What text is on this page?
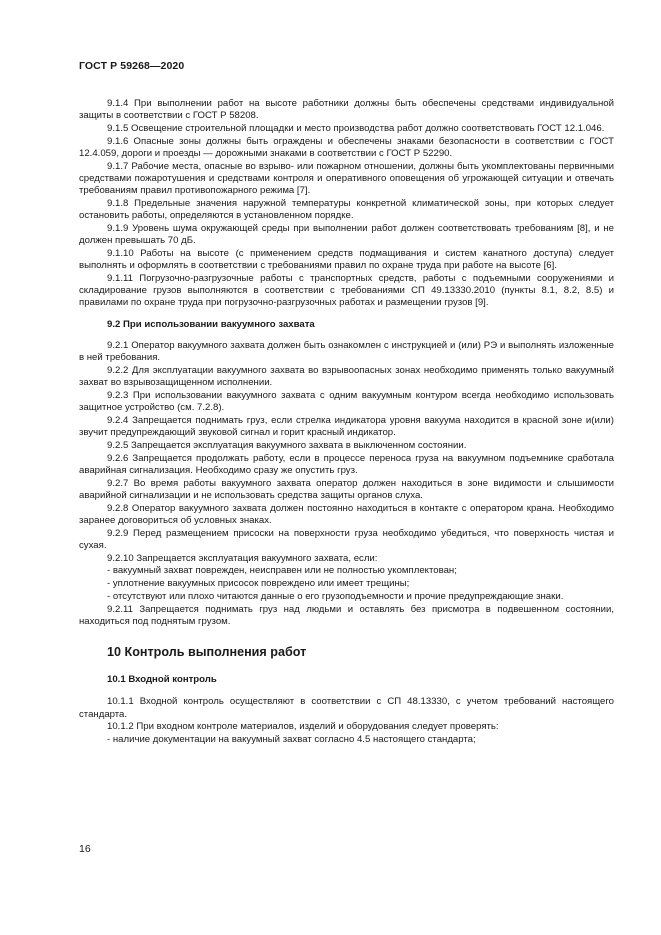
ГОСТ Р 59268—2020

9.1.4 При выполнении работ на высоте работники должны быть обеспечены средствами индивидуальной защиты в соответствии с ГОСТ Р 58208.

9.1.5 Освещение строительной площадки и место производства работ должно соответствовать ГОСТ 12.1.046.

9.1.6 Опасные зоны должны быть ограждены и обеспечены знаками безопасности в соответствии с ГОСТ 12.4.059, дороги и проезды — дорожными знаками в соответствии с ГОСТ Р 52290.

9.1.7 Рабочие места, опасные во взрыво- или пожарном отношении, должны быть укомплектованы первичными средствами пожаротушения и средствами контроля и оперативного оповещения об угрожающей ситуации и отвечать требованиям правил противопожарного режима [7].

9.1.8 Предельные значения наружной температуры конкретной климатической зоны, при которых следует остановить работы, определяются в установленном порядке.

9.1.9 Уровень шума окружающей среды при выполнении работ должен соответствовать требованиям [8], и не должен превышать 70 дБ.

9.1.10 Работы на высоте (с применением средств подмащивания и систем канатного доступа) следует выполнять и оформлять в соответствии с требованиями правил по охране труда при работе на высоте [6].

9.1.11 Погрузочно-разгрузочные работы с транспортных средств, работы с подъемными сооружениями и складирование грузов выполняются в соответствии с требованиями СП 49.13330.2010 (пункты 8.1, 8.2, 8.5) и правилами по охране труда при погрузочно-разгрузочных работах и размещении грузов [9].

9.2 При использовании вакуумного захвата

9.2.1 Оператор вакуумного захвата должен быть ознакомлен с инструкцией и (или) РЭ и выполнять изложенные в ней требования.

9.2.2 Для эксплуатации вакуумного захвата во взрывоопасных зонах необходимо применять только вакуумный захват во взрывозащищенном исполнении.

9.2.3 При использовании вакуумного захвата с одним вакуумным контуром всегда необходимо использовать защитное устройство (см. 7.2.8).

9.2.4 Запрещается поднимать груз, если стрелка индикатора уровня вакуума находится в красной зоне и(или) звучит предупреждающий звуковой сигнал и горит красный индикатор.

9.2.5 Запрещается эксплуатация вакуумного захвата в выключенном состоянии.

9.2.6 Запрещается продолжать работу, если в процессе переноса груза на вакуумном подъемнике сработала аварийная сигнализация. Необходимо сразу же опустить груз.

9.2.7 Во время работы вакуумного захвата оператор должен находиться в зоне видимости и слышимости аварийной сигнализации и не использовать средства защиты органов слуха.

9.2.8 Оператор вакуумного захвата должен постоянно находиться в контакте с оператором крана. Необходимо заранее договориться об условных знаках.

9.2.9 Перед размещением присоски на поверхности груза необходимо убедиться, что поверхность чистая и сухая.

9.2.10 Запрещается эксплуатация вакуумного захвата, если:

- вакуумный захват поврежден, неисправен или не полностью укомплектован;

- уплотнение вакуумных присосок повреждено или имеет трещины;

- отсутствуют или плохо читаются данные о его грузоподъемности и прочие предупреждающие знаки.

9.2.11 Запрещается поднимать груз над людьми и оставлять без присмотра в подвешенном состоянии, находиться под поднятым грузом.

10 Контроль выполнения работ

10.1 Входной контроль

10.1.1 Входной контроль осуществляют в соответствии с СП 48.13330, с учетом требований настоящего стандарта.

10.1.2 При входном контроле материалов, изделий и оборудования следует проверять:

- наличие документации на вакуумный захват согласно 4.5 настоящего стандарта;

16
